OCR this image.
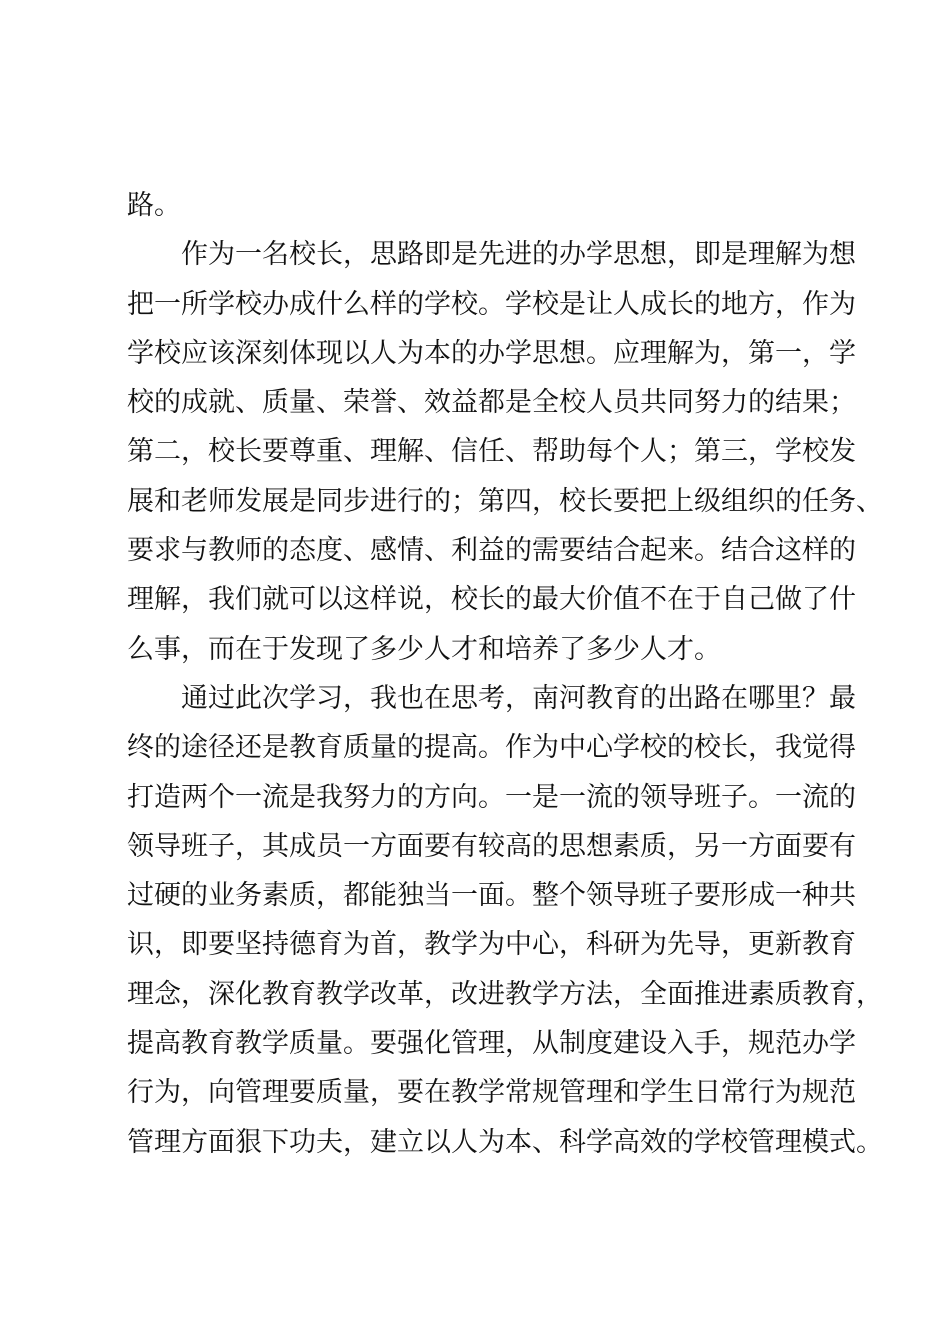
路。
作为一名校长，思路即是先进的办学思想，即是理解为想
把一所学校办成什么样的学校。学校是让人成长的地方，作为
学校应该深刻体现以人为本的办学思想。应理解为，第一，学
校的成就、质量、荣誉、效益都是全校人员共同努力的结果；
第二，校长要尊重、理解、信任、帮助每个人；第三，学校发
展和老师发展是同步进行的；第四，校长要把上级组织的任务、
要求与教师的态度、感情、利益的需要结合起来。结合这样的
理解，我们就可以这样说，校长的最大价值不在于自己做了什
么事，而在于发现了多少人才和培养了多少人才。
通过此次学习，我也在思考，南河教育的出路在哪里？最
终的途径还是教育质量的提高。作为中心学校的校长，我觉得
打造两个一流是我努力的方向。一是一流的领导班子。一流的
领导班子，其成员一方面要有较高的思想素质，另一方面要有
过硬的业务素质，都能独当一面。整个领导班子要形成一种共
识，即要坚持德育为首，教学为中心，科研为先导，更新教育
理念，深化教育教学改革，改进教学方法，全面推进素质教育，
提高教育教学质量。要强化管理，从制度建设入手，规范办学
行为，向管理要质量，要在教学常规管理和学生日常行为规范
管理方面狠下功夫，建立以人为本、科学高效的学校管理模式。
